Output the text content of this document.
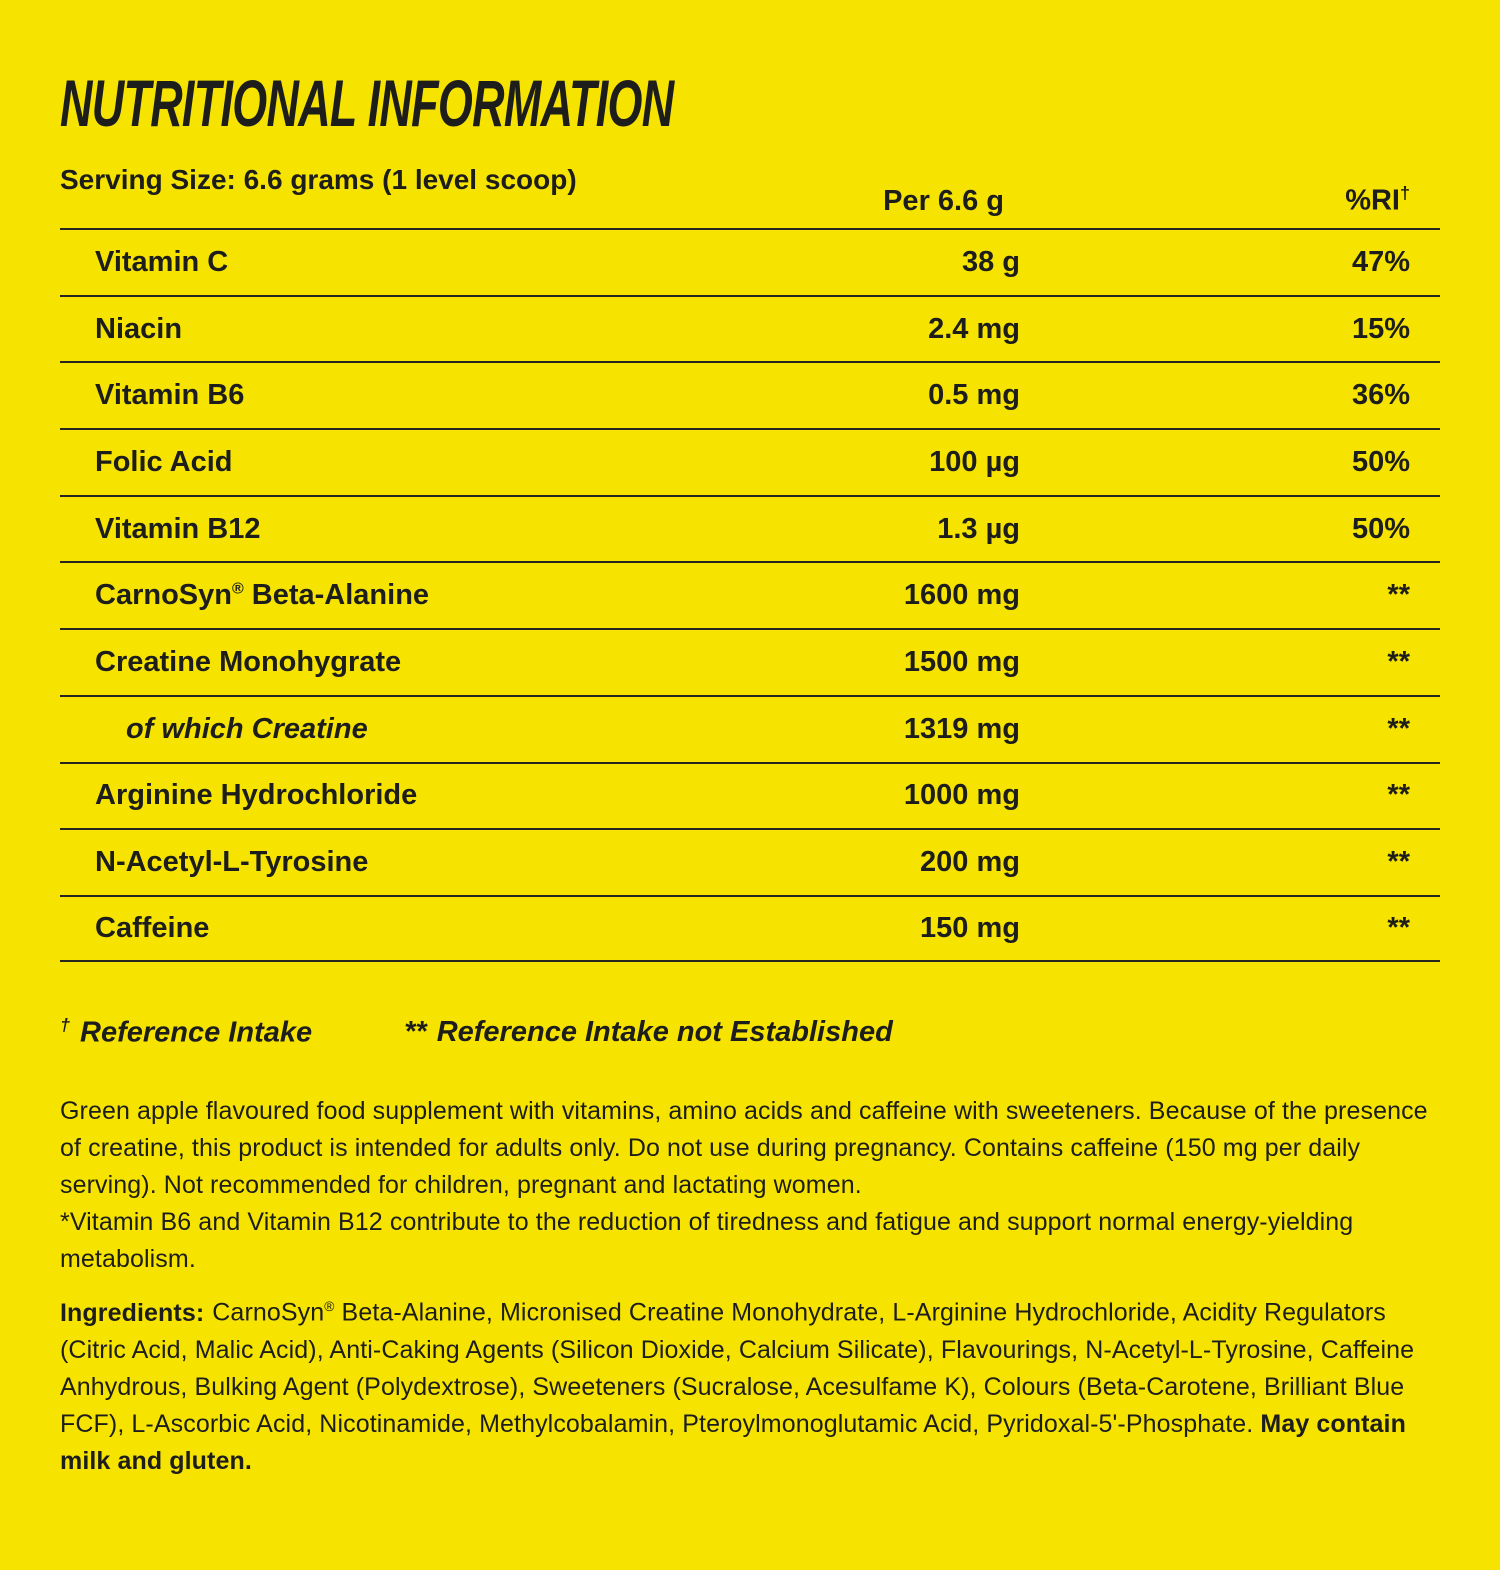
NUTRITIONAL INFORMATION
Serving Size: 6.6 grams (1 level scoop)
Per 6.6 g	%RI†
Vitamin C	38 g	47%
Niacin	2.4 mg	15%
Vitamin B6	0.5 mg	36%
Folic Acid	100 µg	50%
Vitamin B12	1.3 µg	50%
CarnoSyn® Beta-Alanine	1600 mg	**
Creatine Monohygrate	1500 mg	**
of which Creatine	1319 mg	**
Arginine Hydrochloride	1000 mg	**
N-Acetyl-L-Tyrosine	200 mg	**
Caffeine	150 mg	**
† Reference Intake	** Reference Intake not Established
Green apple flavoured food supplement with vitamins, amino acids and caffeine with sweeteners. Because of the presence of creatine, this product is intended for adults only. Do not use during pregnancy. Contains caffeine (150 mg per daily serving). Not recommended for children, pregnant and lactating women.
*Vitamin B6 and Vitamin B12 contribute to the reduction of tiredness and fatigue and support normal energy-yielding metabolism.
Ingredients: CarnoSyn® Beta-Alanine, Micronised Creatine Monohydrate, L-Arginine Hydrochloride, Acidity Regulators (Citric Acid, Malic Acid), Anti-Caking Agents (Silicon Dioxide, Calcium Silicate), Flavourings, N-Acetyl-L-Tyrosine, Caffeine Anhydrous, Bulking Agent (Polydextrose), Sweeteners (Sucralose, Acesulfame K), Colours (Beta-Carotene, Brilliant Blue FCF), L-Ascorbic Acid, Nicotinamide, Methylcobalamin, Pteroylmonoglutamic Acid, Pyridoxal-5'-Phosphate. May contain milk and gluten.
